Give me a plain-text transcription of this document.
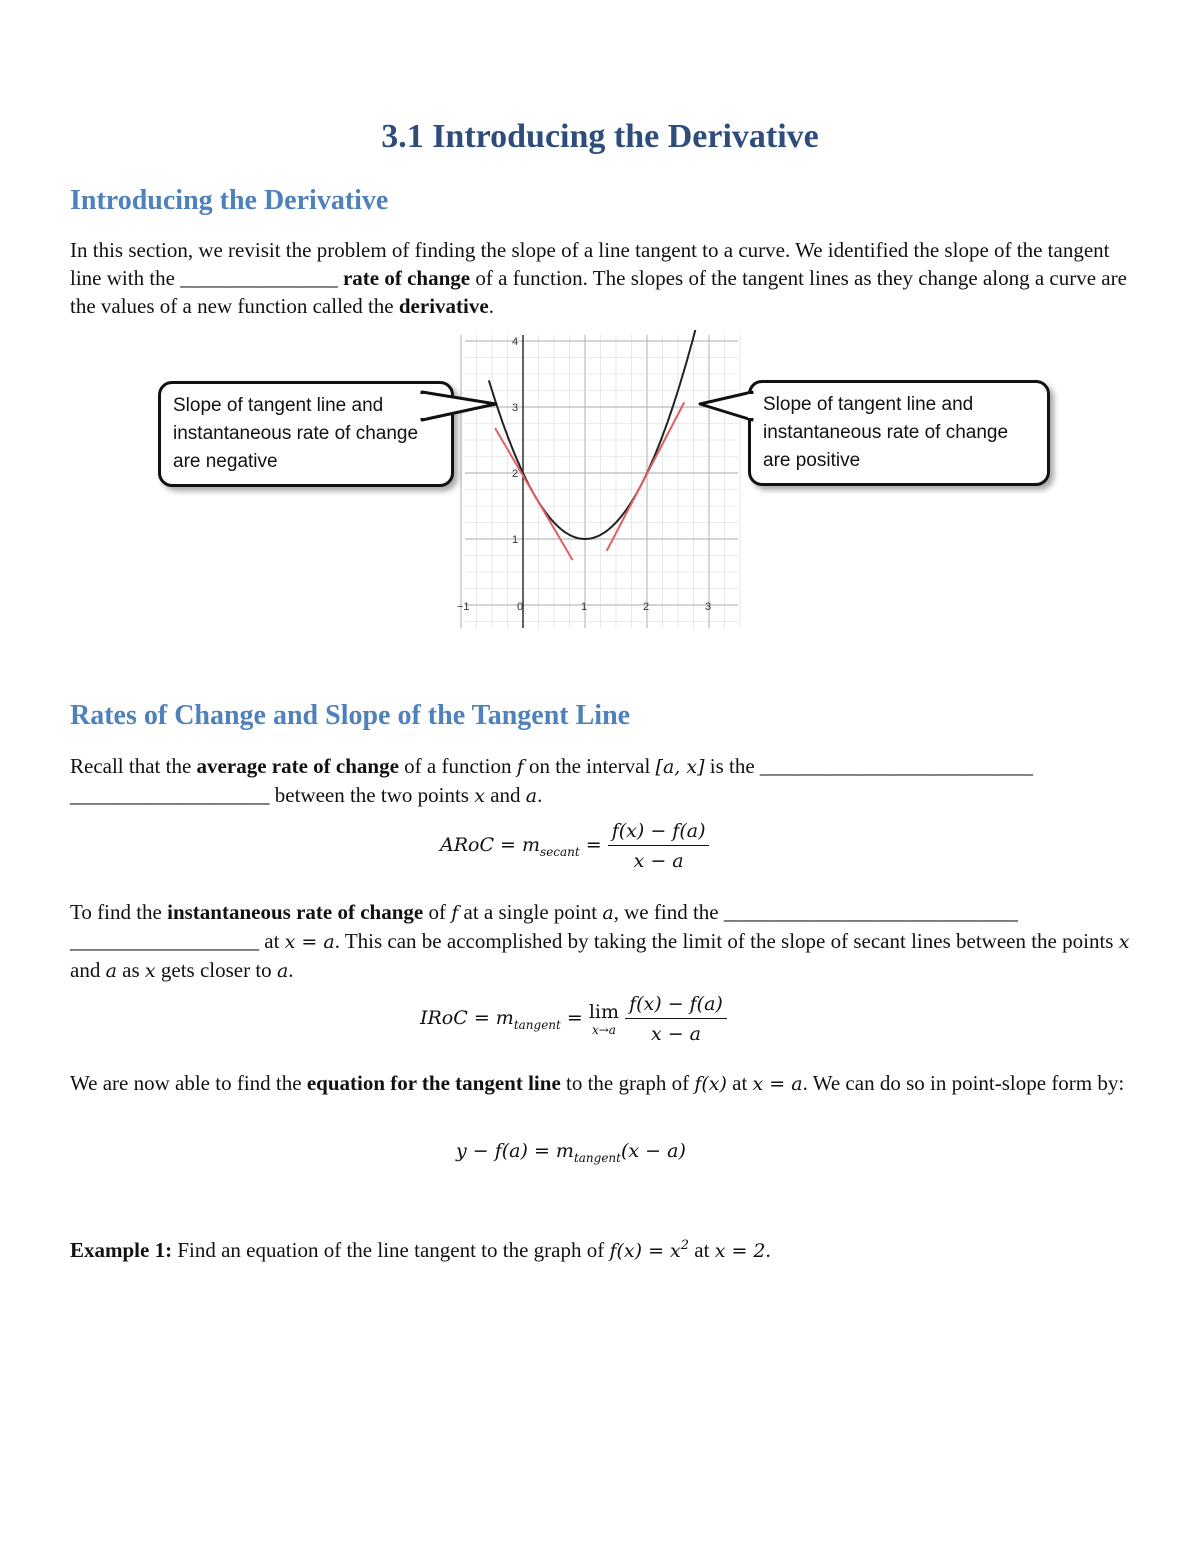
3.1 Introducing the Derivative
Introducing the Derivative
In this section, we revisit the problem of finding the slope of a line tangent to a curve. We identified the slope of the tangent line with the _______________ rate of change of a function. The slopes of the tangent lines as they change along a curve are the values of a new function called the derivative.
−1	0	1	2	3
1
2
3
4
Slope of tangent line and instantaneous rate of change are negative
Slope of tangent line and instantaneous rate of change are positive
Rates of Change and Slope of the Tangent Line
Recall that the average rate of change of a function f on the interval [a, x] is the __________________________
___________________ between the two points x and a.
ARoC = $m_{secant} = \frac{f(x) - f(a)}{x - a}$
To find the instantaneous rate of change of f at a single point a, we find the ____________________________
__________________ at x = a. This can be accomplished by taking the limit of the slope of secant lines between the points x and a as x gets closer to a.
IRoC = $m_{tangent} = \lim$
x→a
$\frac{f(x) - f(a)}{x - a}$
We are now able to find the equation for the tangent line to the graph of f(x) at x = a. We can do so in point-slope form by:
$y - f(a) = m_{tangent}(x - a)$
Example 1: Find an equation of the line tangent to the graph of $f(x) = x^2$ at x = 2.
